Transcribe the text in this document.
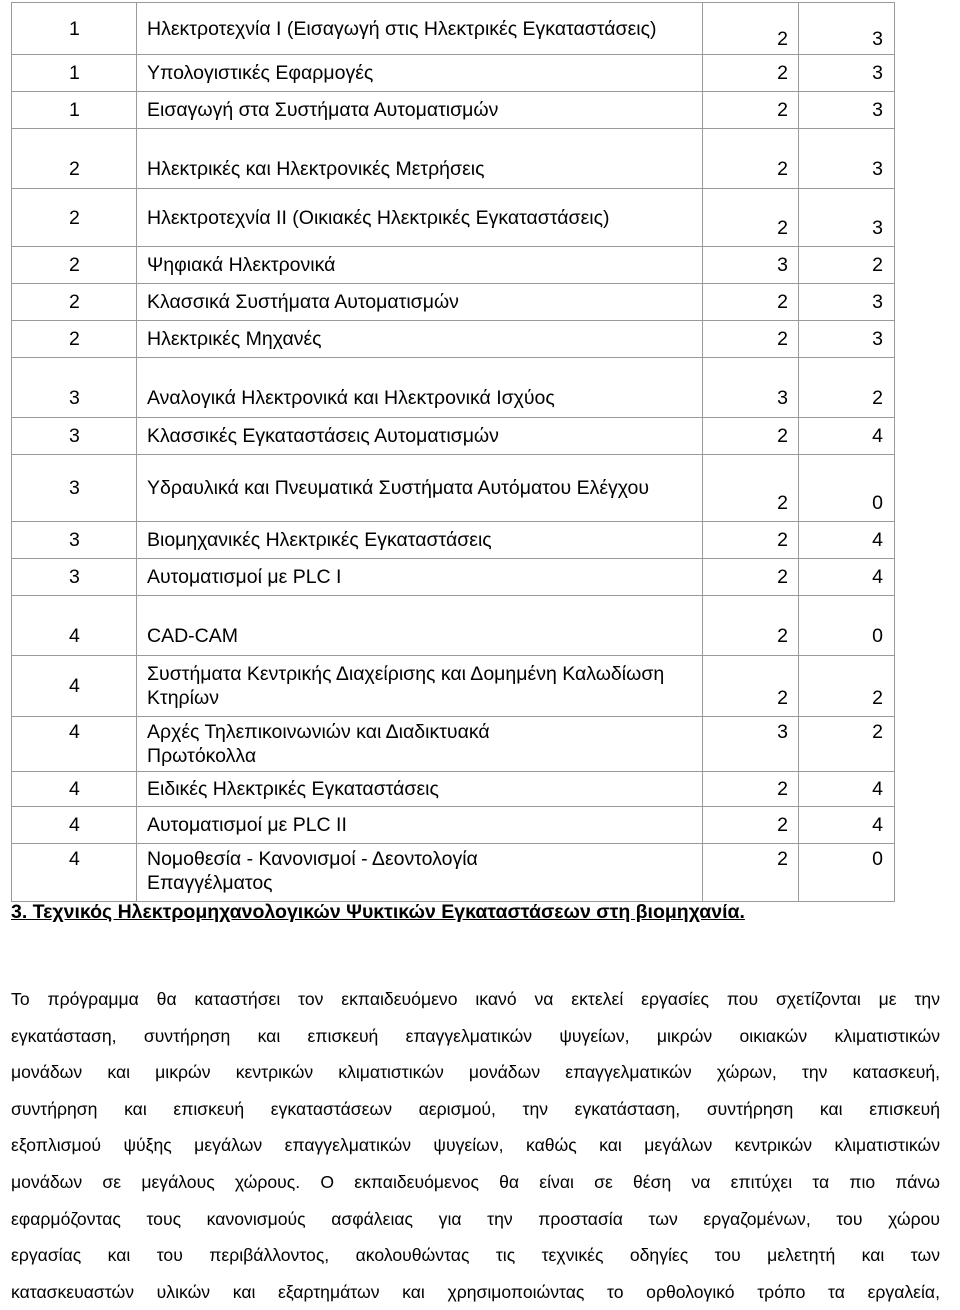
1	Ηλεκτροτεχνία Ι (Εισαγωγή στις Ηλεκτρικές Εγκαταστάσεις)	2	3
1	Υπολογιστικές Εφαρμογές	2	3
1	Εισαγωγή στα Συστήματα Αυτοματισμών	2	3
2	Ηλεκτρικές και Ηλεκτρονικές Μετρήσεις	2	3
2	Ηλεκτροτεχνία ΙΙ (Οικιακές Ηλεκτρικές Εγκαταστάσεις)	2	3
2	Ψηφιακά Ηλεκτρονικά	3	2
2	Κλασσικά Συστήματα Αυτοματισμών	2	3
2	Ηλεκτρικές Μηχανές	2	3
3	Αναλογικά Ηλεκτρονικά και Ηλεκτρονικά Ισχύος	3	2
3	Κλασσικές Εγκαταστάσεις Αυτοματισμών	2	4
3	Υδραυλικά και Πνευματικά Συστήματα Αυτόματου Ελέγχου	2	0
3	Βιομηχανικές Ηλεκτρικές Εγκαταστάσεις	2	4
3	Αυτοματισμοί με PLC I	2	4
4	CAD-CAM	2	0
4	Συστήματα Κεντρικής Διαχείρισης και Δομημένη Καλωδίωση Κτηρίων	2	2
4	Αρχές Τηλεπικοινωνιών και Διαδικτυακά Πρωτόκολλα	3	2
4	Ειδικές Ηλεκτρικές Εγκαταστάσεις	2	4
4	Αυτοματισμοί με PLC II	2	4
4	Νομοθεσία - Κανονισμοί - Δεοντολογία Επαγγέλματος	2	0
3. Τεχνικός Ηλεκτρομηχανολογικών Ψυκτικών Εγκαταστάσεων στη βιομηχανία.

Το πρόγραμμα θα καταστήσει τον εκπαιδευόμενο ικανό να εκτελεί εργασίες που σχετίζονται με την
εγκατάσταση, συντήρηση και επισκευή επαγγελματικών ψυγείων, μικρών οικιακών κλιματιστικών
μονάδων και μικρών κεντρικών κλιματιστικών μονάδων επαγγελματικών χώρων, την κατασκευή,
συντήρηση και επισκευή εγκαταστάσεων αερισμού, την εγκατάσταση, συντήρηση και επισκευή
εξοπλισμού ψύξης μεγάλων επαγγελματικών ψυγείων, καθώς και μεγάλων κεντρικών κλιματιστικών
μονάδων σε μεγάλους χώρους. Ο εκπαιδευόμενος θα είναι σε θέση να επιτύχει τα πιο πάνω
εφαρμόζοντας τους κανονισμούς ασφάλειας για την προστασία των εργαζομένων, του χώρου
εργασίας και του περιβάλλοντος, ακολουθώντας τις τεχνικές οδηγίες του μελετητή και των
κατασκευαστών υλικών και εξαρτημάτων και χρησιμοποιώντας το ορθολογικό τρόπο τα εργαλεία,
